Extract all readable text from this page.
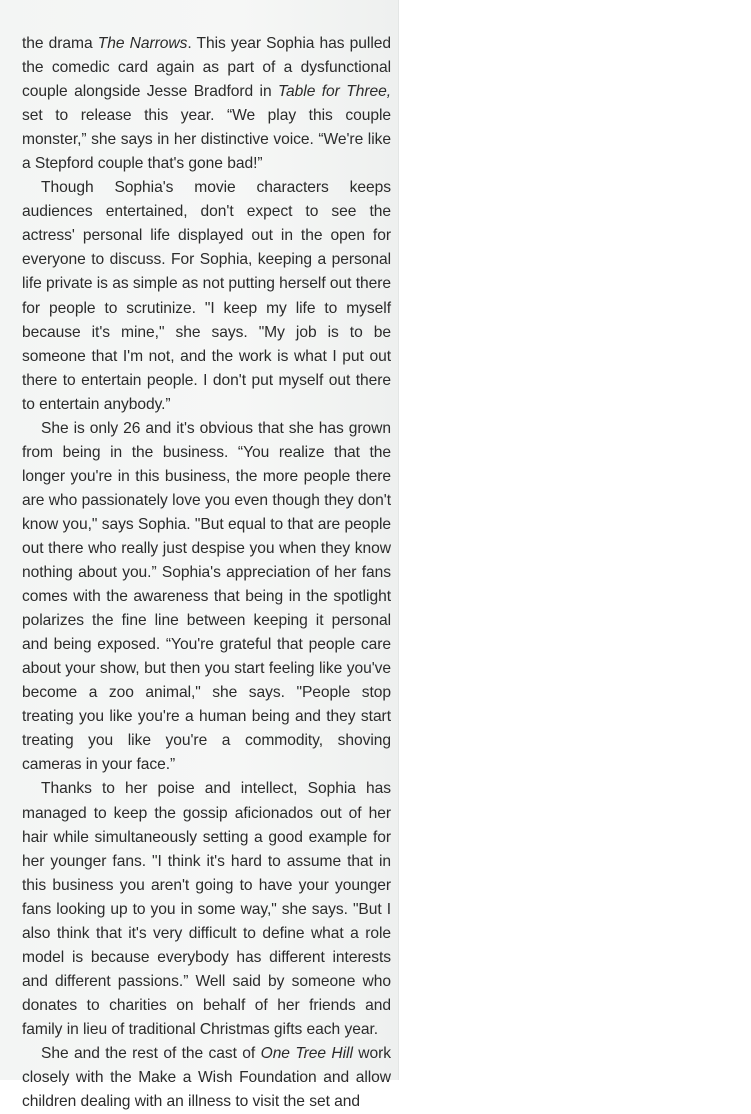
the drama The Narrows. This year Sophia has pulled the comedic card again as part of a dysfunctional couple alongside Jesse Bradford in Table for Three, set to release this year. “We play this couple monster,” she says in her distinctive voice. “We're like a Stepford couple that's gone bad!”

Though Sophia's movie characters keeps audiences entertained, don't expect to see the actress' personal life displayed out in the open for everyone to discuss. For Sophia, keeping a personal life private is as simple as not putting herself out there for people to scrutinize. "I keep my life to myself because it's mine," she says. "My job is to be someone that I'm not, and the work is what I put out there to entertain people. I don't put myself out there to entertain anybody.”

She is only 26 and it's obvious that she has grown from being in the business. “You realize that the longer you're in this business, the more people there are who passionately love you even though they don't know you," says Sophia. "But equal to that are people out there who really just despise you when they know nothing about you.” Sophia's appreciation of her fans comes with the awareness that being in the spotlight polarizes the fine line between keeping it personal and being exposed. “You're grateful that people care about your show, but then you start feeling like you've become a zoo animal," she says. "People stop treating you like you're a human being and they start treating you like you're a commodity, shoving cameras in your face.”

Thanks to her poise and intellect, Sophia has managed to keep the gossip aficionados out of her hair while simultaneously setting a good example for her younger fans. "I think it's hard to assume that in this business you aren't going to have your younger fans looking up to you in some way," she says. "But I also think that it's very difficult to define what a role model is because everybody has different interests and different passions.” Well said by someone who donates to charities on behalf of her friends and family in lieu of traditional Christmas gifts each year.

She and the rest of the cast of One Tree Hill work closely with the Make a Wish Foundation and allow children dealing with an illness to visit the set and
